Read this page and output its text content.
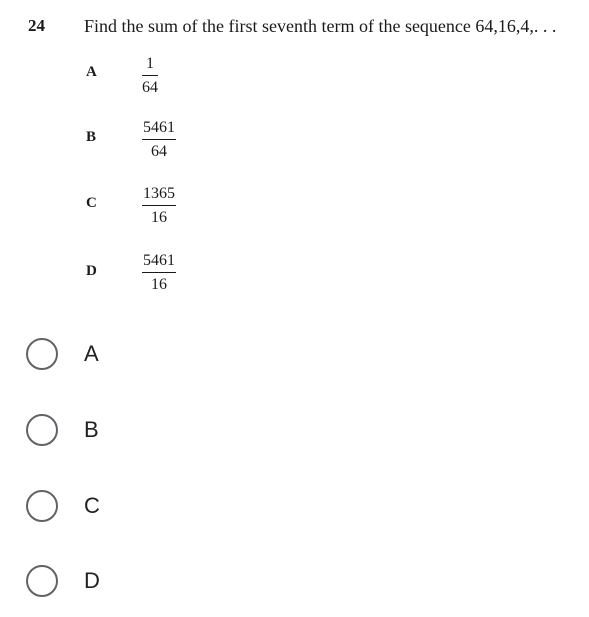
24 Find the sum of the first seventh term of the sequence 64,16,4,. . .
A	1
64
B
5461
64
C
1365
16
D
5461
16
A
B
C
D
